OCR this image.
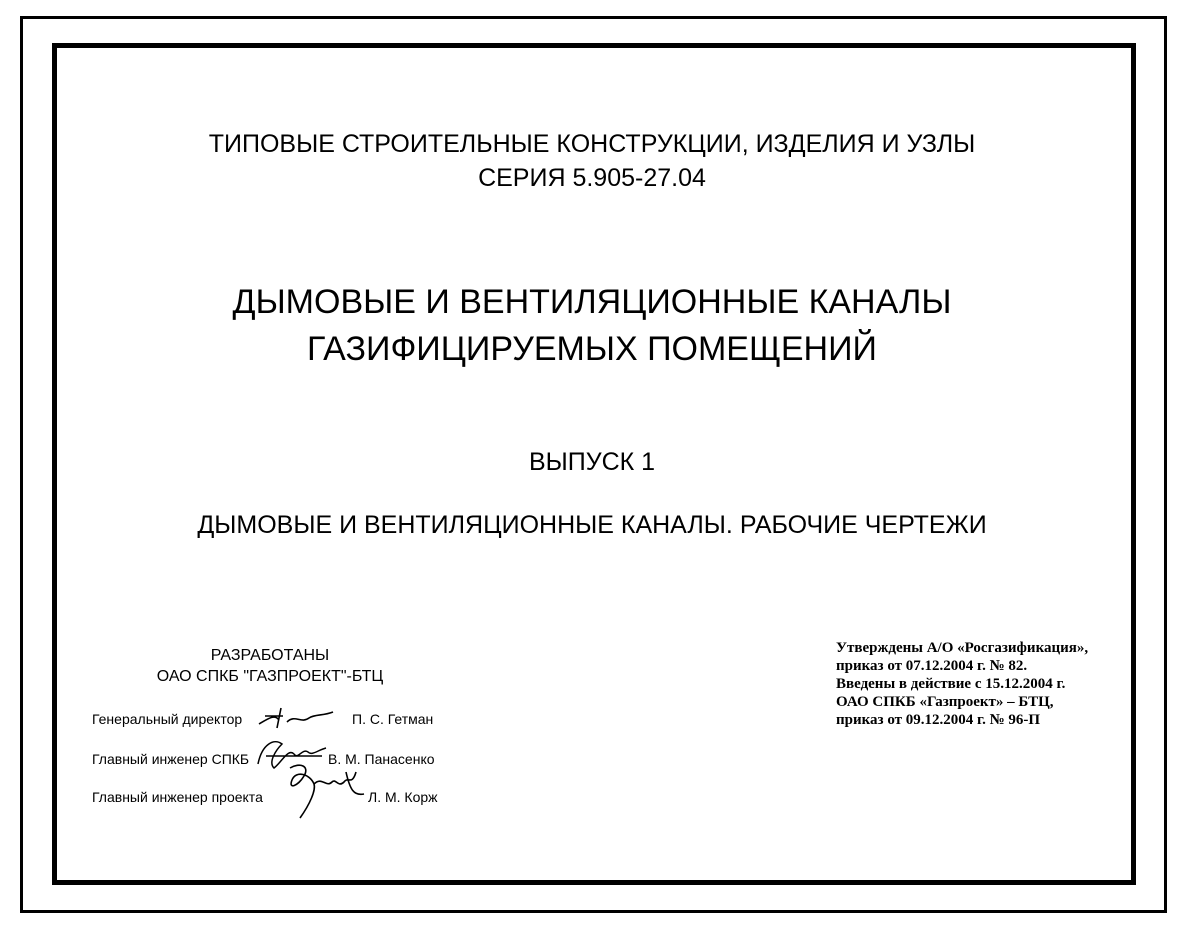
ТИПОВЫЕ СТРОИТЕЛЬНЫЕ КОНСТРУКЦИИ, ИЗДЕЛИЯ И УЗЛЫ
СЕРИЯ 5.905-27.04
ДЫМОВЫЕ И ВЕНТИЛЯЦИОННЫЕ КАНАЛЫ
ГАЗИФИЦИРУЕМЫХ ПОМЕЩЕНИЙ
ВЫПУСК 1
ДЫМОВЫЕ И ВЕНТИЛЯЦИОННЫЕ КАНАЛЫ. РАБОЧИЕ ЧЕРТЕЖИ
РАЗРАБОТАНЫ
ОАО СПКБ "ГАЗПРОЕКТ"-БТЦ
Генеральный директор	П. С. Гетман
Главный инженер СПКБ	В. М. Панасенко
Главный инженер проекта	Л. М. Корж
Утверждены А/О «Росгазификация»,
приказ от 07.12.2004 г. № 82.
Введены в действие с 15.12.2004 г.
ОАО СПКБ «Газпроект» – БТЦ,
приказ от 09.12.2004 г. № 96-П
